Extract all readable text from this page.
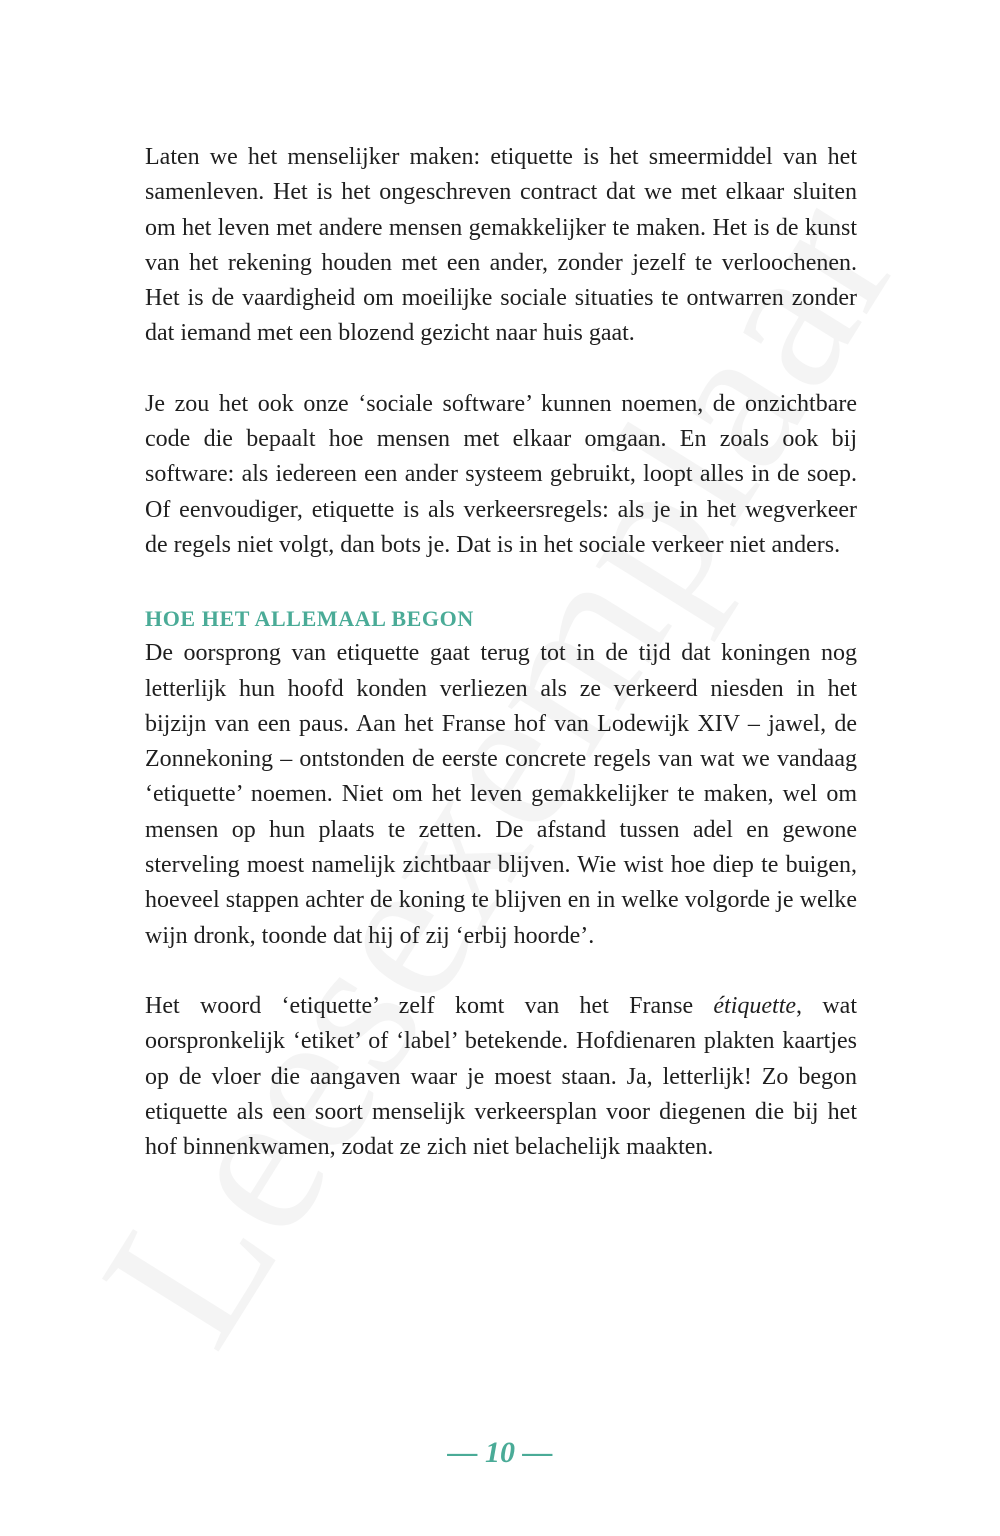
Laten we het menselijker maken: etiquette is het smeermiddel van het samenleven. Het is het ongeschreven contract dat we met elkaar sluiten om het leven met andere mensen gemakkelijker te maken. Het is de kunst van het rekening houden met een ander, zonder jezelf te verloochenen. Het is de vaardigheid om moeilijke sociale situaties te ontwarren zonder dat iemand met een blozend gezicht naar huis gaat.

Je zou het ook onze ‘sociale software’ kunnen noemen, de onzichtbare code die bepaalt hoe mensen met elkaar omgaan. En zoals ook bij software: als iedereen een ander systeem gebruikt, loopt alles in de soep. Of eenvoudiger, etiquette is als verkeersregels: als je in het wegverkeer de regels niet volgt, dan bots je. Dat is in het sociale verkeer niet anders.

HOE HET ALLEMAAL BEGON

De oorsprong van etiquette gaat terug tot in de tijd dat koningen nog letterlijk hun hoofd konden verliezen als ze verkeerd niesden in het bijzijn van een paus. Aan het Franse hof van Lodewijk XIV – jawel, de Zonnekoning – ontstonden de eerste concrete regels van wat we vandaag ‘etiquette’ noemen. Niet om het leven gemakkelijker te maken, wel om mensen op hun plaats te zetten. De afstand tussen adel en gewone sterveling moest namelijk zichtbaar blijven. Wie wist hoe diep te buigen, hoeveel stappen achter de koning te blijven en in welke volgorde je welke wijn dronk, toonde dat hij of zij ‘erbij hoorde’.

Het woord ‘etiquette’ zelf komt van het Franse étiquette, wat oorspronkelijk ‘etiket’ of ‘label’ betekende. Hofdienaren plakten kaartjes op de vloer die aangaven waar je moest staan. Ja, letterlijk! Zo begon etiquette als een soort menselijk verkeersplan voor diegenen die bij het hof binnenkwamen, zodat ze zich niet belachelijk maakten.

— 10 —
